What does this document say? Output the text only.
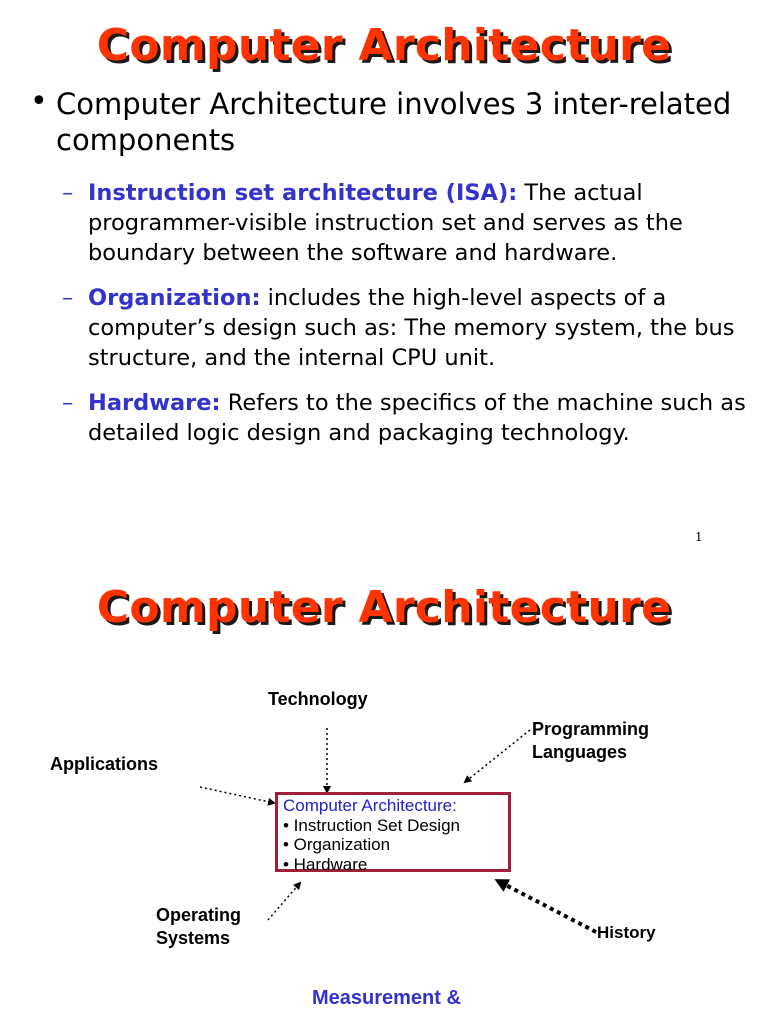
Computer Architecture
• Computer Architecture involves 3 inter-related components
– Instruction set architecture (ISA): The actual programmer-visible instruction set and serves as the boundary between the software and hardware.
– Organization: includes the high-level aspects of a computer’s design such as: The memory system, the bus structure, and the internal CPU unit.
– Hardware: Refers to the specifics of the machine such as detailed logic design and packaging technology.
1
Computer Architecture
Technology
Programming Languages
Applications
Operating Systems	History
Computer Architecture:
• Instruction Set Design
• Organization
• Hardware
Measurement &
